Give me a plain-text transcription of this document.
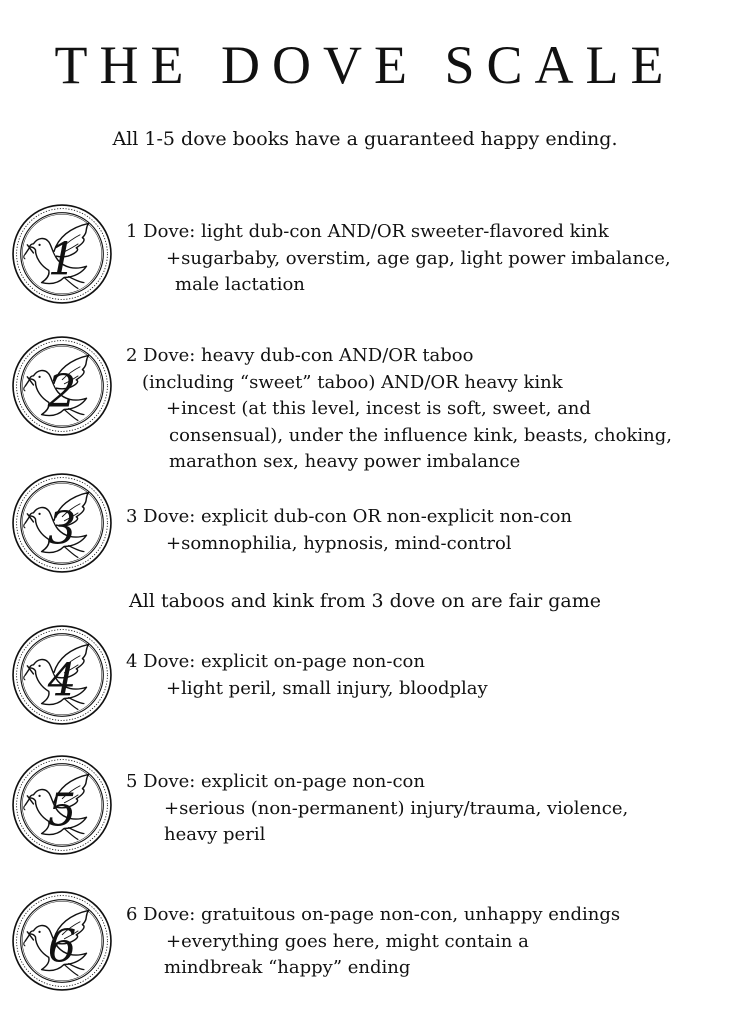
THE DOVE SCALE
All 1-5 dove books have a guaranteed happy ending.
1
1 Dove: light dub-con AND/OR sweeter-flavored kink
+sugarbaby, overstim, age gap, light power imbalance,
male lactation
2
2 Dove: heavy dub-con AND/OR taboo
(including “sweet” taboo) AND/OR heavy kink
+incest (at this level, incest is soft, sweet, and
consensual), under the influence kink, beasts, choking,
marathon sex, heavy power imbalance
3	3 Dove: explicit dub-con OR non-explicit non-con
+somnophilia, hypnosis, mind-control
All taboos and kink from 3 dove on are fair game
4	4 Dove: explicit on-page non-con
+light peril, small injury, bloodplay
5
5 Dove: explicit on-page non-con
+serious (non-permanent) injury/trauma, violence,
heavy peril
6
6 Dove: gratuitous on-page non-con, unhappy endings
+everything goes here, might contain a
mindbreak “happy” ending
